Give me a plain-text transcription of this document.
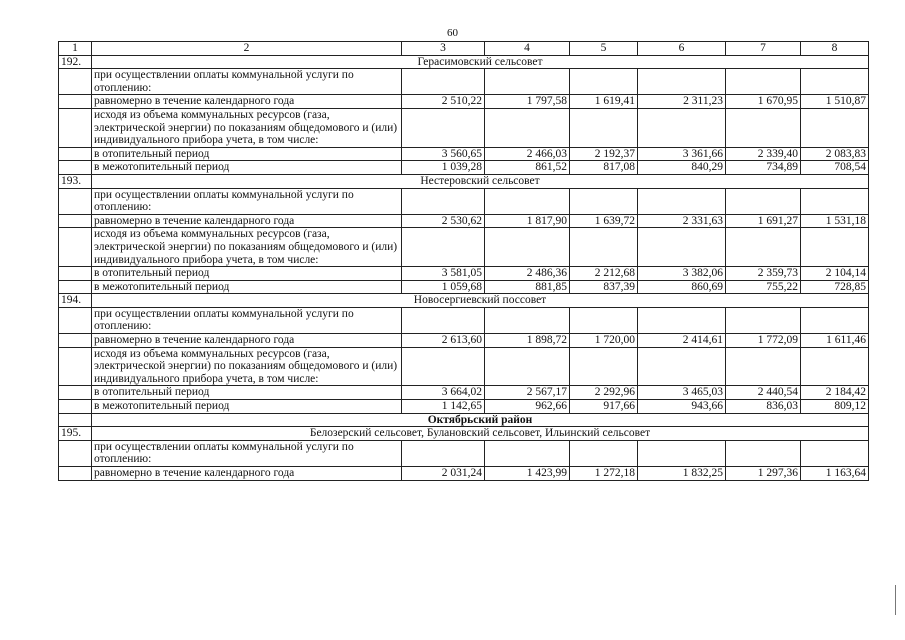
60
1	2	3	4	5	6	7	8
192.	Герасимовский сельсовет						
	при осуществлении оплаты коммунальной услуги по отоплению:						
	равномерно в течение календарного года	2 510,22	1 797,58	1 619,41	2 311,23	1 670,95	1 510,87
	исходя из объема коммунальных ресурсов (газа, электрической энергии) по показаниям общедомового и (или) индивидуального прибора учета, в том числе:						
	в отопительный период	3 560,65	2 466,03	2 192,37	3 361,66	2 339,40	2 083,83
	в межотопительный период	1 039,28	861,52	817,08	840,29	734,89	708,54
193.	Нестеровский сельсовет						
	при осуществлении оплаты коммунальной услуги по отоплению:						
	равномерно в течение календарного года	2 530,62	1 817,90	1 639,72	2 331,63	1 691,27	1 531,18
	исходя из объема коммунальных ресурсов (газа, электрической энергии) по показаниям общедомового и (или) индивидуального прибора учета, в том числе:						
	в отопительный период	3 581,05	2 486,36	2 212,68	3 382,06	2 359,73	2 104,14
	в межотопительный период	1 059,68	881,85	837,39	860,69	755,22	728,85
194.	Новосергиевский поссовет						
	при осуществлении оплаты коммунальной услуги по отоплению:						
	равномерно в течение календарного года	2 613,60	1 898,72	1 720,00	2 414,61	1 772,09	1 611,46
	исходя из объема коммунальных ресурсов (газа, электрической энергии) по показаниям общедомового и (или) индивидуального прибора учета, в том числе:						
	в отопительный период	3 664,02	2 567,17	2 292,96	3 465,03	2 440,54	2 184,42
	в межотопительный период	1 142,65	962,66	917,66	943,66	836,03	809,12
	Октябрьский район						
195.	Белозерский сельсовет, Булановский сельсовет, Ильинский сельсовет						
	при осуществлении оплаты коммунальной услуги по отоплению:						
	равномерно в течение календарного года	2 031,24	1 423,99	1 272,18	1 832,25	1 297,36	1 163,64
